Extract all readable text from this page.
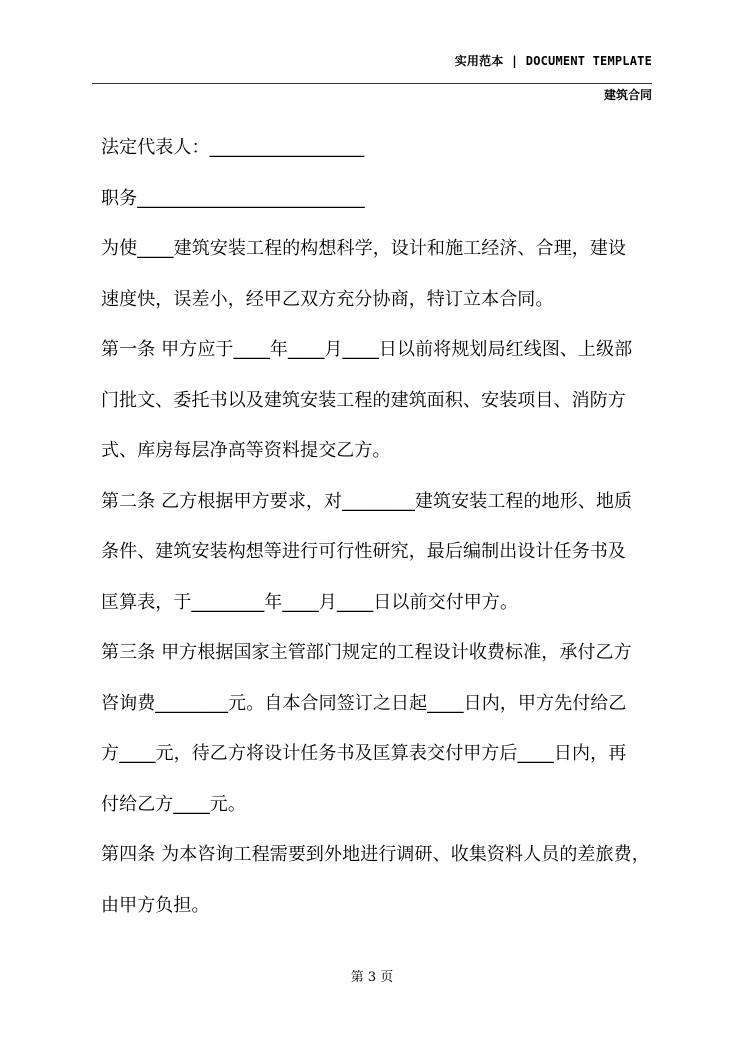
实用范本 | DOCUMENT TEMPLATE
建筑合同
法定代表人：_________________
职务_________________________
为使____建筑安装工程的构想科学，设计和施工经济、合理，建设
速度快，误差小，经甲乙双方充分协商，特订立本合同。
第一条 甲方应于____年____月____日以前将规划局红线图、上级部
门批文、委托书以及建筑安装工程的建筑面积、安装项目、消防方
式、库房每层净高等资料提交乙方。
第二条 乙方根据甲方要求，对________建筑安装工程的地形、地质
条件、建筑安装构想等进行可行性研究，最后编制出设计任务书及
匡算表，于________年____月____日以前交付甲方。
第三条 甲方根据国家主管部门规定的工程设计收费标准，承付乙方
咨询费________元。自本合同签订之日起____日内，甲方先付给乙
方____元，待乙方将设计任务书及匡算表交付甲方后____日内，再
付给乙方____元。
第四条 为本咨询工程需要到外地进行调研、收集资料人员的差旅费，
由甲方负担。
第 3 页
